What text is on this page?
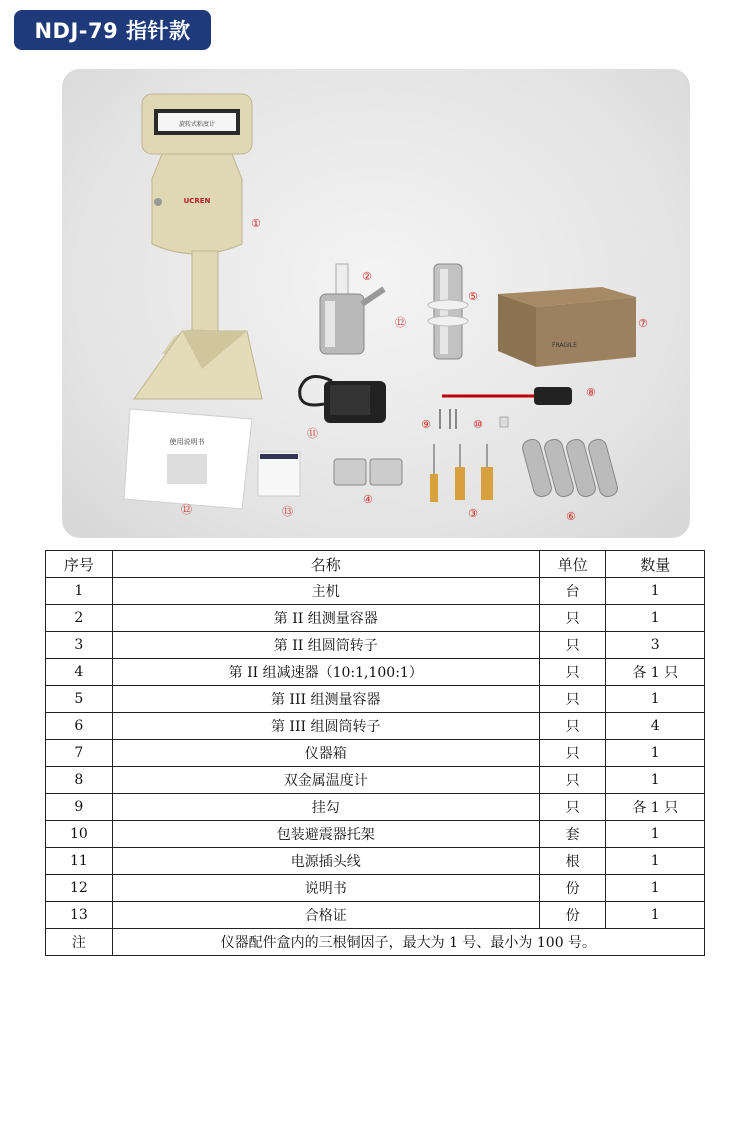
NDJ-79 指针款
旋转式粘度计
UCREN
FRAGILE
使用说明书
①
②
③
④
⑤
⑥
⑦
⑧
⑨	⑩
⑪
⑫
⑫	⑬
序号	名称	单位	数量
1	主机	台	1
2	第 II 组测量容器	只	1
3	第 II 组圆筒转子	只	3
4	第 II 组减速器（10:1,100:1）	只	各 1 只
5	第 III 组测量容器	只	1
6	第 III 组圆筒转子	只	4
7	仪器箱	只	1
8	双金属温度计	只	1
9	挂勾	只	各 1 只
10	包装避震器托架	套	1
11	电源插头线	根	1
12	说明书	份	1
13	合格证	份	1
注	仪器配件盒内的三根铜因子，最大为 1 号、最小为 100 号。		
